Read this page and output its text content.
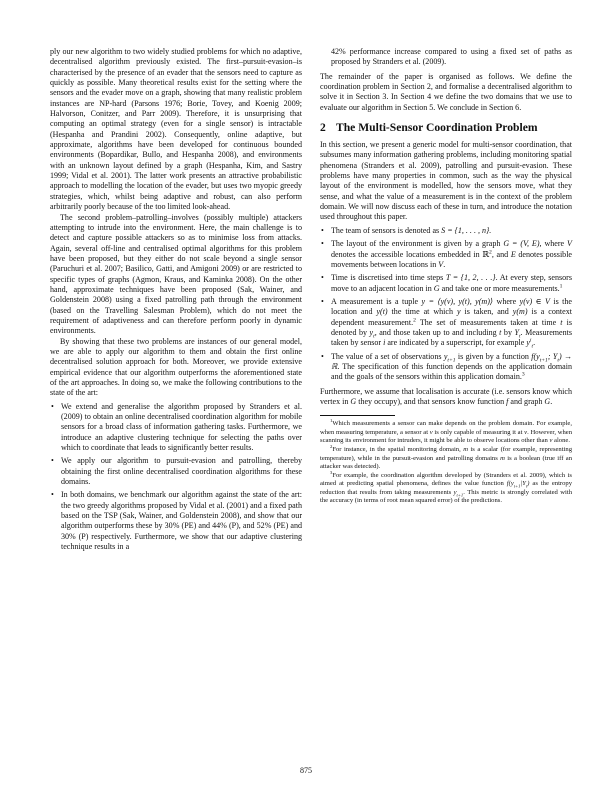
ply our new algorithm to two widely studied problems for which no adaptive, decentralised algorithm previously existed. The first–pursuit-evasion–is characterised by the presence of an evader that the sensors need to capture as quickly as possible. Many theoretical results exist for the setting where the sensors and the evader move on a graph, showing that many realistic problem instances are NP-hard (Parsons 1976; Borie, Tovey, and Koenig 2009; Halvorson, Conitzer, and Parr 2009). Therefore, it is unsurprising that computing an optimal strategy (even for a single sensor) is intractable (Hespanha and Prandini 2002). Consequently, online adaptive, but approximate, algorithms have been developed for continuous bounded environments (Bopardikar, Bullo, and Hespanha 2008), and environments with an unknown layout defined by a graph (Hespanha, Kim, and Sastry 1999; Vidal et al. 2001). The latter work presents an attractive probabilistic approach to modelling the location of the evader, but uses two myopic greedy strategies, which, whilst being adaptive and robust, can also perform arbitrarily poorly because of the too limited look-ahead.

The second problem–patrolling–involves (possibly multiple) attackers attempting to intrude into the environment. Here, the main challenge is to detect and capture possible attackers so as to minimise loss from attacks. Again, several off-line and centralised optimal algorithms for this problem have been proposed, but they either do not scale beyond a single sensor (Paruchuri et al. 2007; Basilico, Gatti, and Amigoni 2009) or are restricted to specific types of graphs (Agmon, Kraus, and Kaminka 2008). On the other hand, approximate techniques have been proposed (Sak, Wainer, and Goldenstein 2008) using a fixed patrolling path through the environment (based on the Travelling Salesman Problem), which do not meet the requirement of adaptiveness and can therefore perform poorly in dynamic environments.

By showing that these two problems are instances of our general model, we are able to apply our algorithm to them and obtain the first online decentralised solution approach for both. Moreover, we provide extensive empirical evidence that our algorithm outperforms the aforementioned state of the art approaches. In doing so, we make the following contributions to the state of the art:

• We extend and generalise the algorithm proposed by Stranders et al. (2009) to obtain an online decentralised coordination algorithm for mobile sensors for a broad class of information gathering tasks. Furthermore, we introduce an adaptive clustering technique for selecting the paths over which to coordinate that leads to significantly better results.
• We apply our algorithm to pursuit-evasion and patrolling, thereby obtaining the first online decentralised coordination algorithms for these domains.
• In both domains, we benchmark our algorithm against the state of the art: the two greedy algorithms proposed by Vidal et al. (2001) and a fixed path based on the TSP (Sak, Wainer, and Goldenstein 2008), and show that our algorithm outperforms these by 30% (PE) and 44% (P), and 52% (PE) and 30% (P) respectively. Furthermore, we show that our adaptive clustering technique results in a

42% performance increase compared to using a fixed set of paths as proposed by Stranders et al. (2009).

The remainder of the paper is organised as follows. We define the coordination problem in Section 2, and formalise a decentralised algorithm to solve it in Section 3. In Section 4 we define the two domains that we use to evaluate our algorithm in Section 5. We conclude in Section 6.

2 The Multi-Sensor Coordination Problem

In this section, we present a generic model for multi-sensor coordination, that subsumes many information gathering problems, including monitoring spatial phenomena (Stranders et al. 2009), patrolling and pursuit-evasion. These problems have many properties in common, such as the way the physical layout of the environment is modelled, how the sensors move, what they sense, and what the value of a measurement is in the context of the problem domain. We will now discuss each of these in turn, and introduce the notation used throughout this paper.

• The team of sensors is denoted as S = {1, . . . , n}.
• The layout of the environment is given by a graph G = (V, E), where V denotes the accessible locations embedded in ℝ$^2$, and E denotes possible movements between locations in V.
• Time is discretised into time steps T = {1, 2, . . .}. At every step, sensors move to an adjacent location in G and take one or more measurements.$^1$
• A measurement is a tuple y = ⟨y(v), y(t), y(m)⟩ where y(v) ∈ V is the location and y(t) the time at which y is taken, and y(m) is a context dependent measurement.$^2$ The set of measurements taken at time t is denoted by $y_t$, and those taken up to and including t by $Y_t$. Measurements taken by sensor i are indicated by a superscript, for example $y^i_t$.
• The value of a set of observations $y_{t+1}$ is given by a function $f(y_{t+1}$; $Y_t$) → ℝ. The specification of this function depends on the application domain and the goals of the sensors within this application domain.$^3$

Furthermore, we assume that localisation is accurate (i.e. sensors know which vertex in G they occupy), and that sensors know function f and graph G.

$^1$Which measurements a sensor can make depends on the problem domain. For example, when measuring temperature, a sensor at v is only capable of measuring it at v. However, when scanning its environment for intruders, it might be able to observe locations other than v alone.

$^2$For instance, in the spatial monitoring domain, m is a scalar (for example, representing temperature), while in the pursuit-evasion and patrolling domains m is a boolean (true iff an attacker was detected).

$^3$For example, the coordination algorithm developed by (Stranders et al. 2009), which is aimed at predicting spatial phenomena, defines the value function $f(y_{t+1}|Y_t)$ as the entropy reduction that results from taking measurements $y_{t+1}$. This metric is strongly correlated with the accuracy (in terms of root mean squared error) of the predictions.

875
